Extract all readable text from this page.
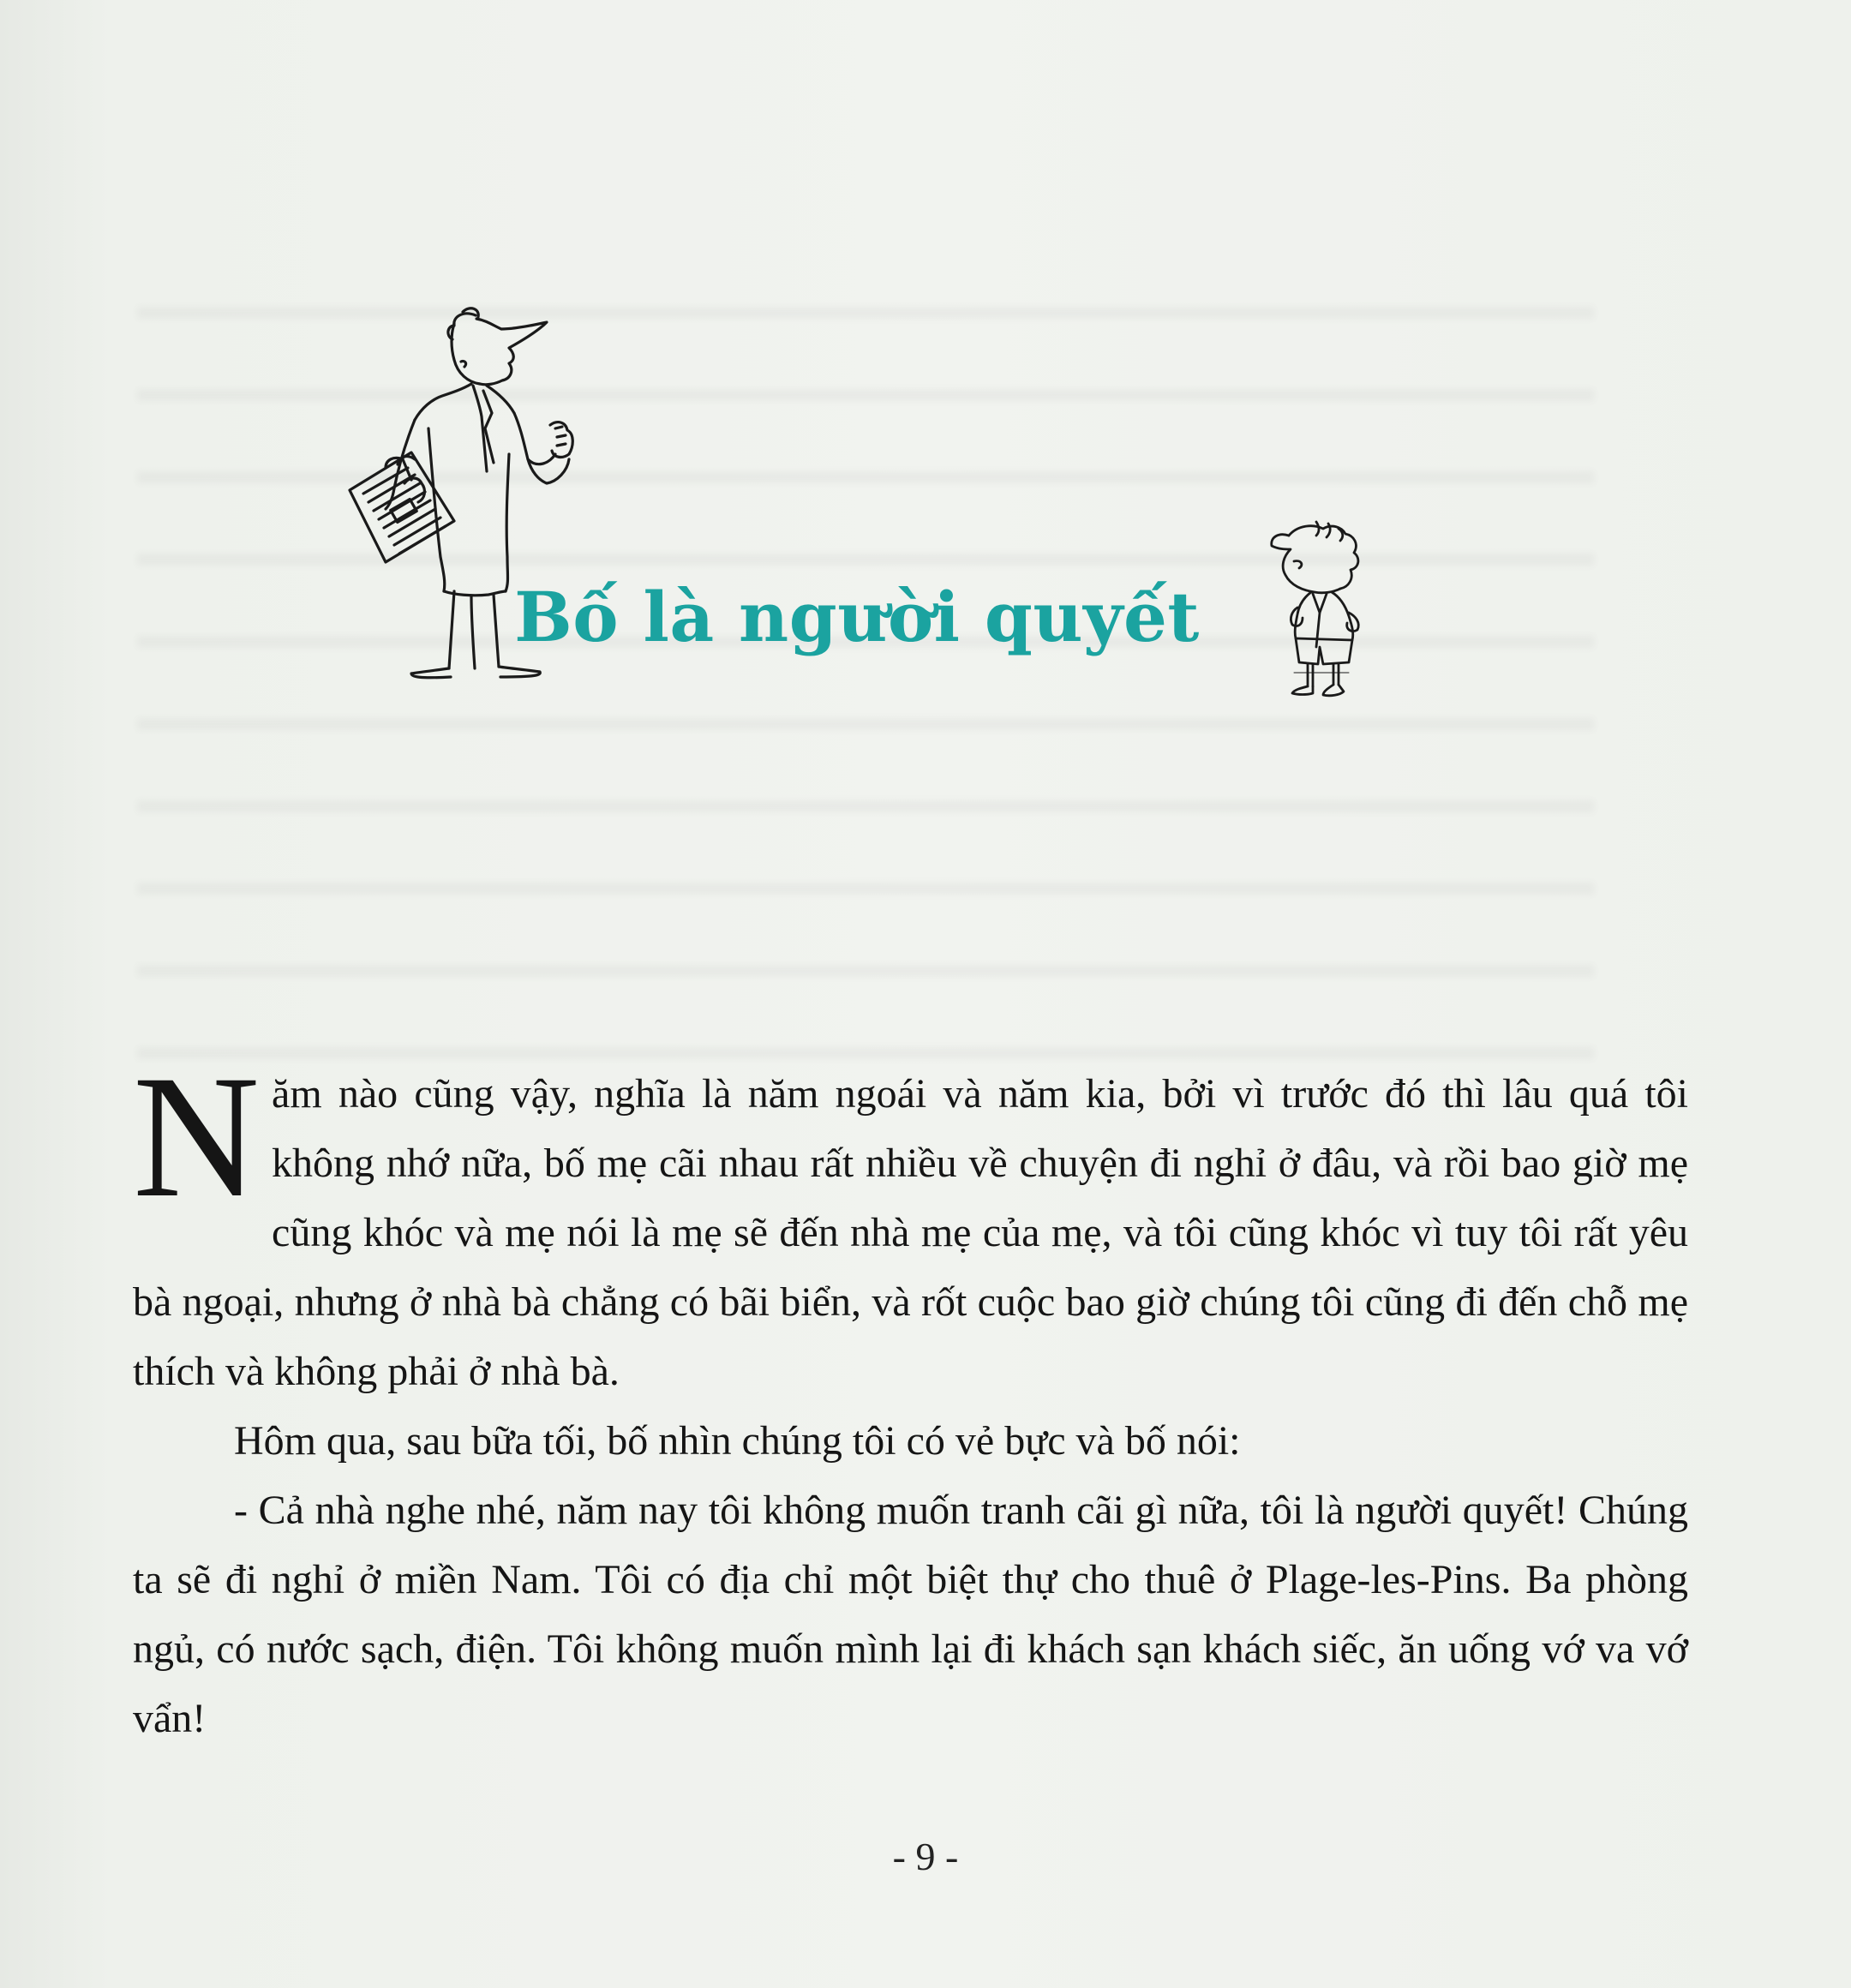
Bố là người quyết

Năm nào cũng vậy, nghĩa là năm ngoái và năm kia, bởi vì trước đó thì lâu quá tôi không nhớ nữa, bố mẹ cãi nhau rất nhiều về chuyện đi nghỉ ở đâu, và rồi bao giờ mẹ cũng khóc và mẹ nói là mẹ sẽ đến nhà mẹ của mẹ, và tôi cũng khóc vì tuy tôi rất yêu bà ngoại, nhưng ở nhà bà chẳng có bãi biển, và rốt cuộc bao giờ chúng tôi cũng đi đến chỗ mẹ thích và không phải ở nhà bà.

Hôm qua, sau bữa tối, bố nhìn chúng tôi có vẻ bực và bố nói:

- Cả nhà nghe nhé, năm nay tôi không muốn tranh cãi gì nữa, tôi là người quyết! Chúng ta sẽ đi nghỉ ở miền Nam. Tôi có địa chỉ một biệt thự cho thuê ở Plage-les-Pins. Ba phòng ngủ, có nước sạch, điện. Tôi không muốn mình lại đi khách sạn khách siếc, ăn uống vớ va vớ vẩn!

- 9 -
